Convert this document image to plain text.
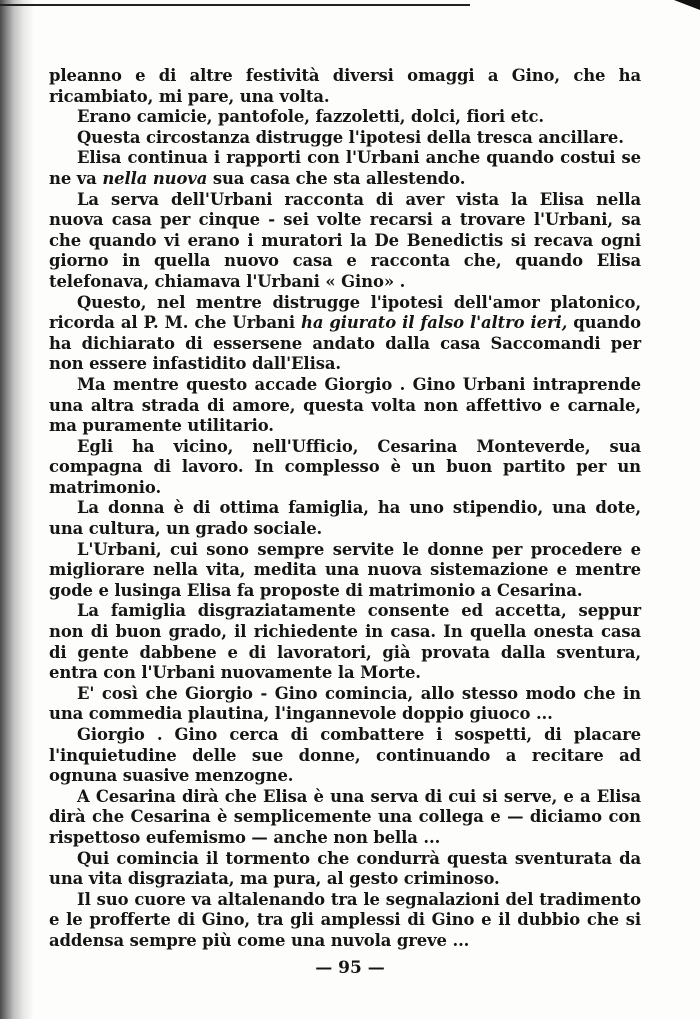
pleanno e di altre festività diversi omaggi a Gino, che ha ricambiato, mi pare, una volta.

Erano camicie, pantofole, fazzoletti, dolci, fiori etc.

Questa circostanza distrugge l'ipotesi della tresca ancillare.

Elisa continua i rapporti con l'Urbani anche quando costui se ne va nella nuova sua casa che sta allestendo.

La serva dell'Urbani racconta di aver vista la Elisa nella nuova casa per cinque - sei volte recarsi a trovare l'Urbani, sa che quando vi erano i muratori la De Benedictis si recava ogni giorno in quella nuovo casa e racconta che, quando Elisa telefonava, chiamava l'Urbani « Gino» .

Questo, nel mentre distrugge l'ipotesi dell'amor platonico, ricorda al P. M. che Urbani ha giurato il falso l'altro ieri, quando ha dichiarato di essersene andato dalla casa Saccomandi per non essere infastidito dall'Elisa.

Ma mentre questo accade Giorgio . Gino Urbani intraprende una altra strada di amore, questa volta non affettivo e carnale, ma puramente utilitario.

Egli ha vicino, nell'Ufficio, Cesarina Monteverde, sua compagna di lavoro. In complesso è un buon partito per un matrimonio.

La donna è di ottima famiglia, ha uno stipendio, una dote, una cultura, un grado sociale.

L'Urbani, cui sono sempre servite le donne per procedere e migliorare nella vita, medita una nuova sistemazione e mentre gode e lusinga Elisa fa proposte di matrimonio a Cesarina.

La famiglia disgraziatamente consente ed accetta, seppur non di buon grado, il richiedente in casa. In quella onesta casa di gente dabbene e di lavoratori, già provata dalla sventura, entra con l'Urbani nuovamente la Morte.

E' così che Giorgio - Gino comincia, allo stesso modo che in una commedia plautina, l'ingannevole doppio giuoco ...

Giorgio . Gino cerca di combattere i sospetti, di placare l'inquietudine delle sue donne, continuando a recitare ad ognuna suasive menzogne.

A Cesarina dirà che Elisa è una serva di cui si serve, e a Elisa dirà che Cesarina è semplicemente una collega e — diciamo con rispettoso eufemismo — anche non bella ...

Qui comincia il tormento che condurrà questa sventurata da una vita disgraziata, ma pura, al gesto criminoso.

Il suo cuore va altalenando tra le segnalazioni del tradimento e le profferte di Gino, tra gli amplessi di Gino e il dubbio che si addensa sempre più come una nuvola greve ...

— 95 —
